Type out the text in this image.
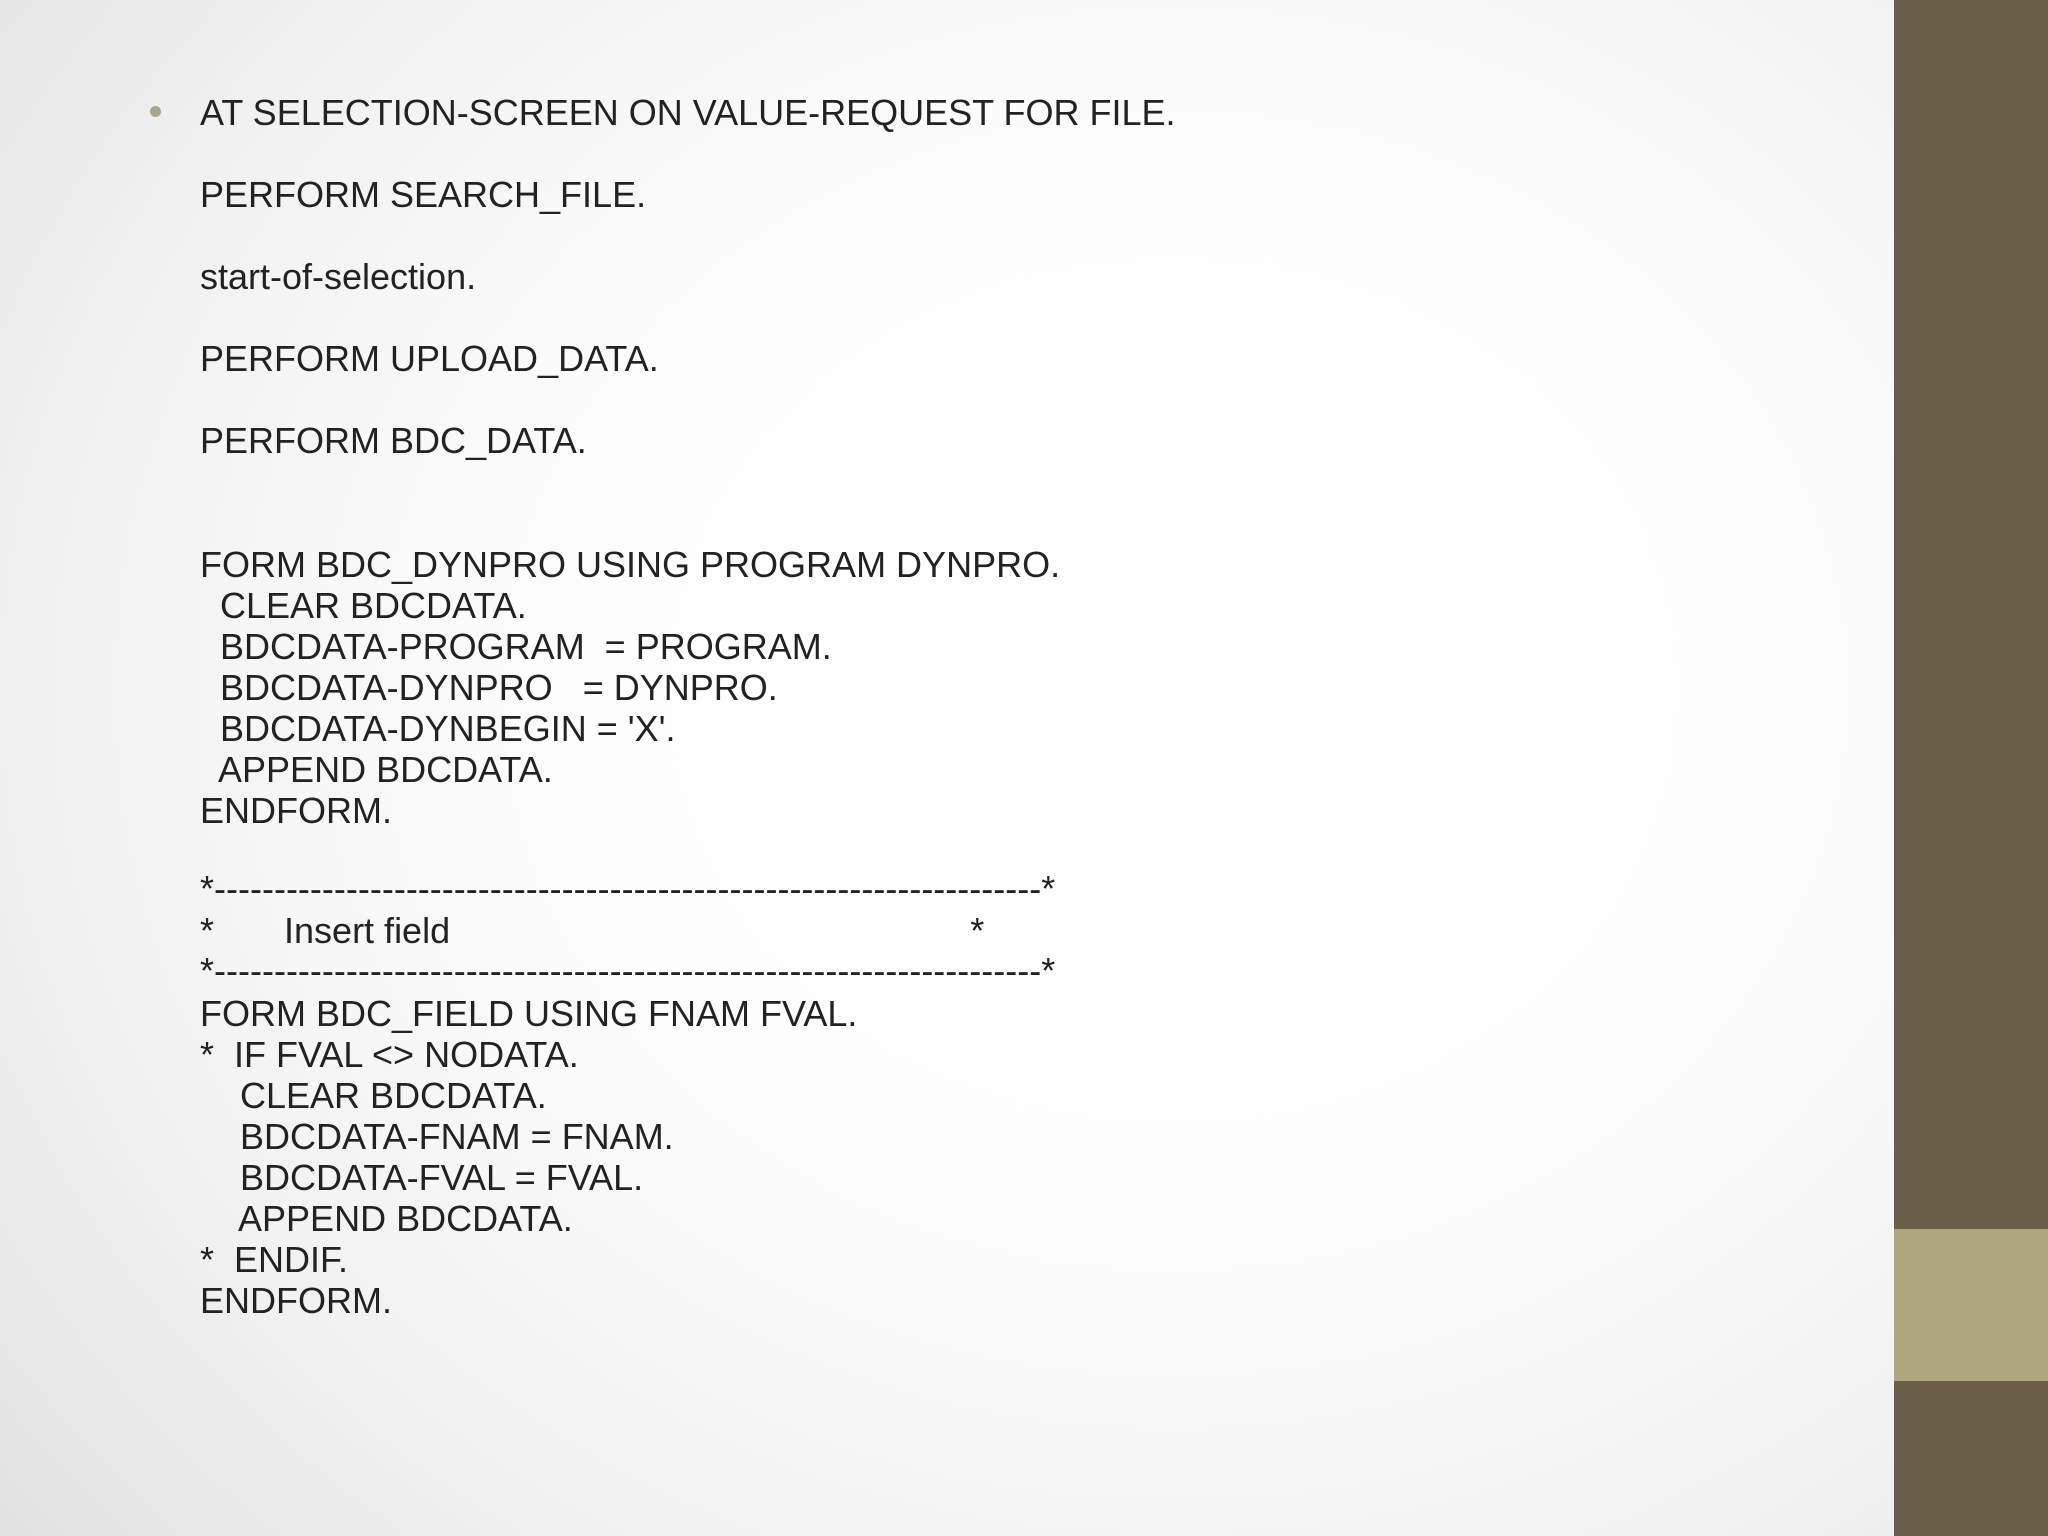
AT SELECTION-SCREEN ON VALUE-REQUEST FOR FILE.
PERFORM SEARCH_FILE.
start-of-selection.
PERFORM UPLOAD_DATA.
PERFORM BDC_DATA.
FORM BDC_DYNPRO USING PROGRAM DYNPRO.
CLEAR BDCDATA.
BDCDATA-PROGRAM  = PROGRAM.
BDCDATA-DYNPRO   = DYNPRO.
BDCDATA-DYNBEGIN = 'X'.
APPEND BDCDATA.
ENDFORM.
*---------------------------------------------------------------------*
*       Insert field                                                    *
*---------------------------------------------------------------------*
FORM BDC_FIELD USING FNAM FVAL.
*  IF FVAL <> NODATA.
CLEAR BDCDATA.
BDCDATA-FNAM = FNAM.
BDCDATA-FVAL = FVAL.
APPEND BDCDATA.
*  ENDIF.
ENDFORM.
